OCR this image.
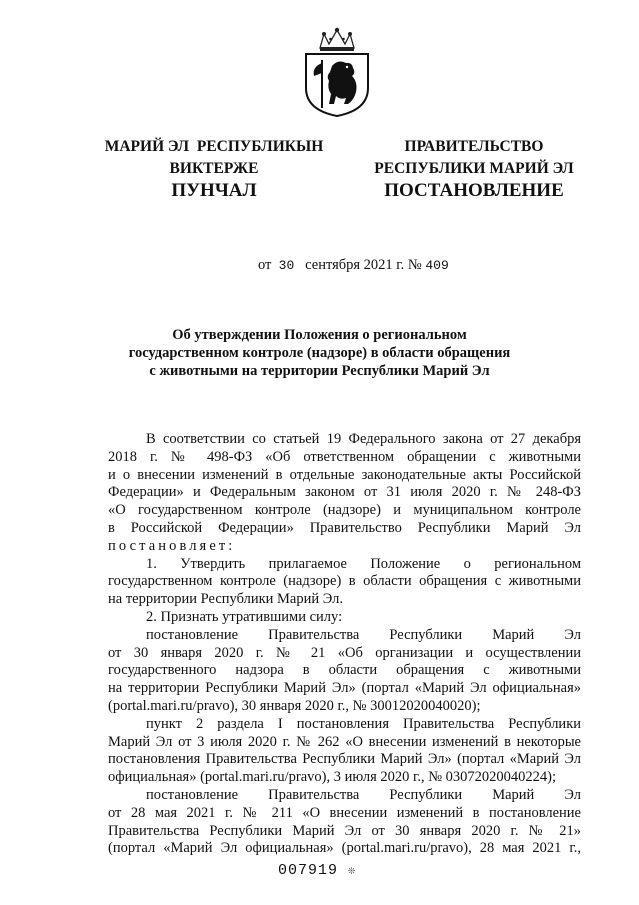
МАРИЙ ЭЛ  РЕСПУБЛИКЫН
ВИКТЕРЖЕ
ПУНЧАЛ
ПРАВИТЕЛЬСТВО
РЕСПУБЛИКИ МАРИЙ ЭЛ
ПОСТАНОВЛЕНИЕ
от 30 сентября 2021 г. № 409
Об утверждении Положения о региональном
государственном контроле (надзоре) в области обращения
с животными на территории Республики Марий Эл

В соответствии со статьей 19 Федерального закона от 27 декабря

2018 г. № 498-ФЗ «Об ответственном обращении с животными

и о внесении изменений в отдельные законодательные акты Российской

Федерации» и Федеральным законом от 31 июля 2020 г. № 248-ФЗ

«О государственном контроле (надзоре) и муниципальном контроле

в Российской Федерации» Правительство Республики Марий Эл

постановляет:

1. Утвердить прилагаемое Положение о региональном

государственном контроле (надзоре) в области обращения с животными

на территории Республики Марий Эл.

2. Признать утратившими силу:

постановление Правительства Республики Марий Эл

от 30 января 2020 г. № 21 «Об организации и осуществлении

государственного надзора в области обращения с животными

на территории Республики Марий Эл» (портал «Марий Эл официальная»

(portal.mari.ru/pravo), 30 января 2020 г., № 30012020040020);

пункт 2 раздела I постановления Правительства Республики

Марий Эл от 3 июля 2020 г. № 262 «О внесении изменений в некоторые

постановления Правительства Республики Марий Эл» (портал «Марий Эл

официальная» (portal.mari.ru/pravo), 3 июля 2020 г., № 03072020040224);

постановление Правительства Республики Марий Эл

от 28 мая 2021 г. № 211 «О внесении изменений в постановление

Правительства Республики Марий Эл от 30 января 2020 г. № 21»

(портал «Марий Эл официальная» (portal.mari.ru/pravo), 28 мая 2021 г.,

007919 ❊
